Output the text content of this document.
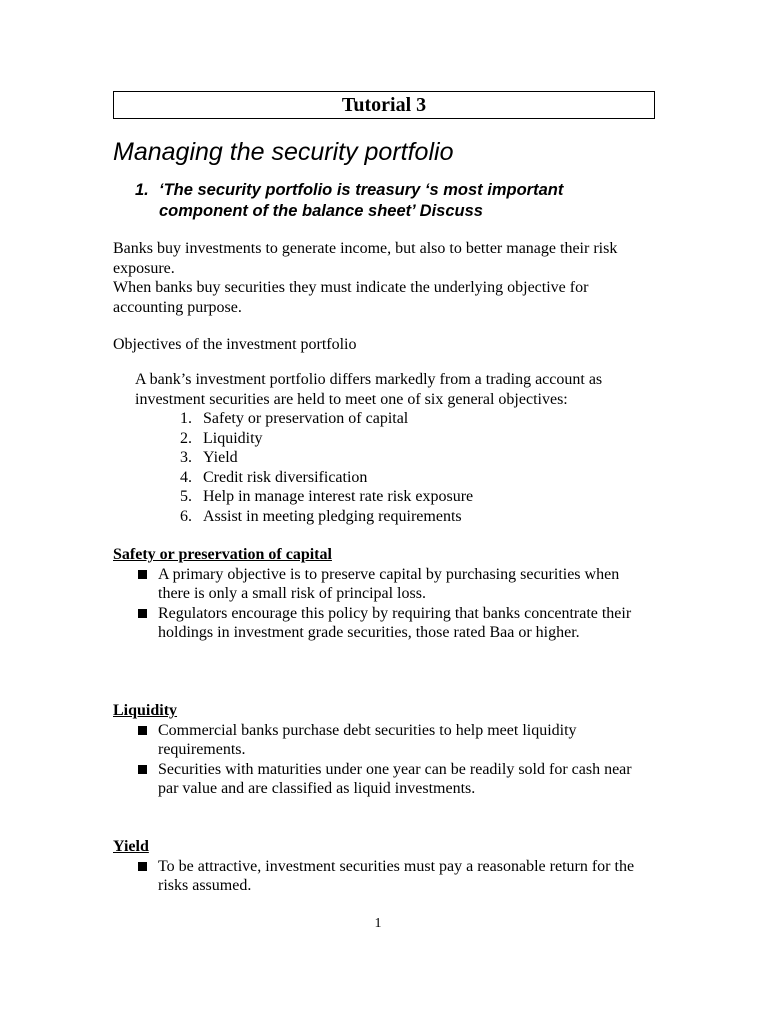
Tutorial 3
Managing the security portfolio
1. ‘The security portfolio is treasury ‘s most important component of the balance sheet’ Discuss

Banks buy investments to generate income, but also to better manage their risk exposure.

When banks buy securities they must indicate the underlying objective for accounting purpose.

Objectives of the investment portfolio

A bank’s investment portfolio differs markedly from a trading account as investment securities are held to meet one of six general objectives:

1. Safety or preservation of capital
2. Liquidity
3. Yield
4. Credit risk diversification
5. Help in manage interest rate risk exposure
6. Assist in meeting pledging requirements

Safety or preservation of capital

A primary objective is to preserve capital by purchasing securities when there is only a small risk of principal loss.
Regulators encourage this policy by requiring that banks concentrate their holdings in investment grade securities, those rated Baa or higher.

Liquidity

Commercial banks purchase debt securities to help meet liquidity requirements.
Securities with maturities under one year can be readily sold for cash near par value and are classified as liquid investments.

Yield

To be attractive, investment securities must pay a reasonable return for the risks assumed.
1
